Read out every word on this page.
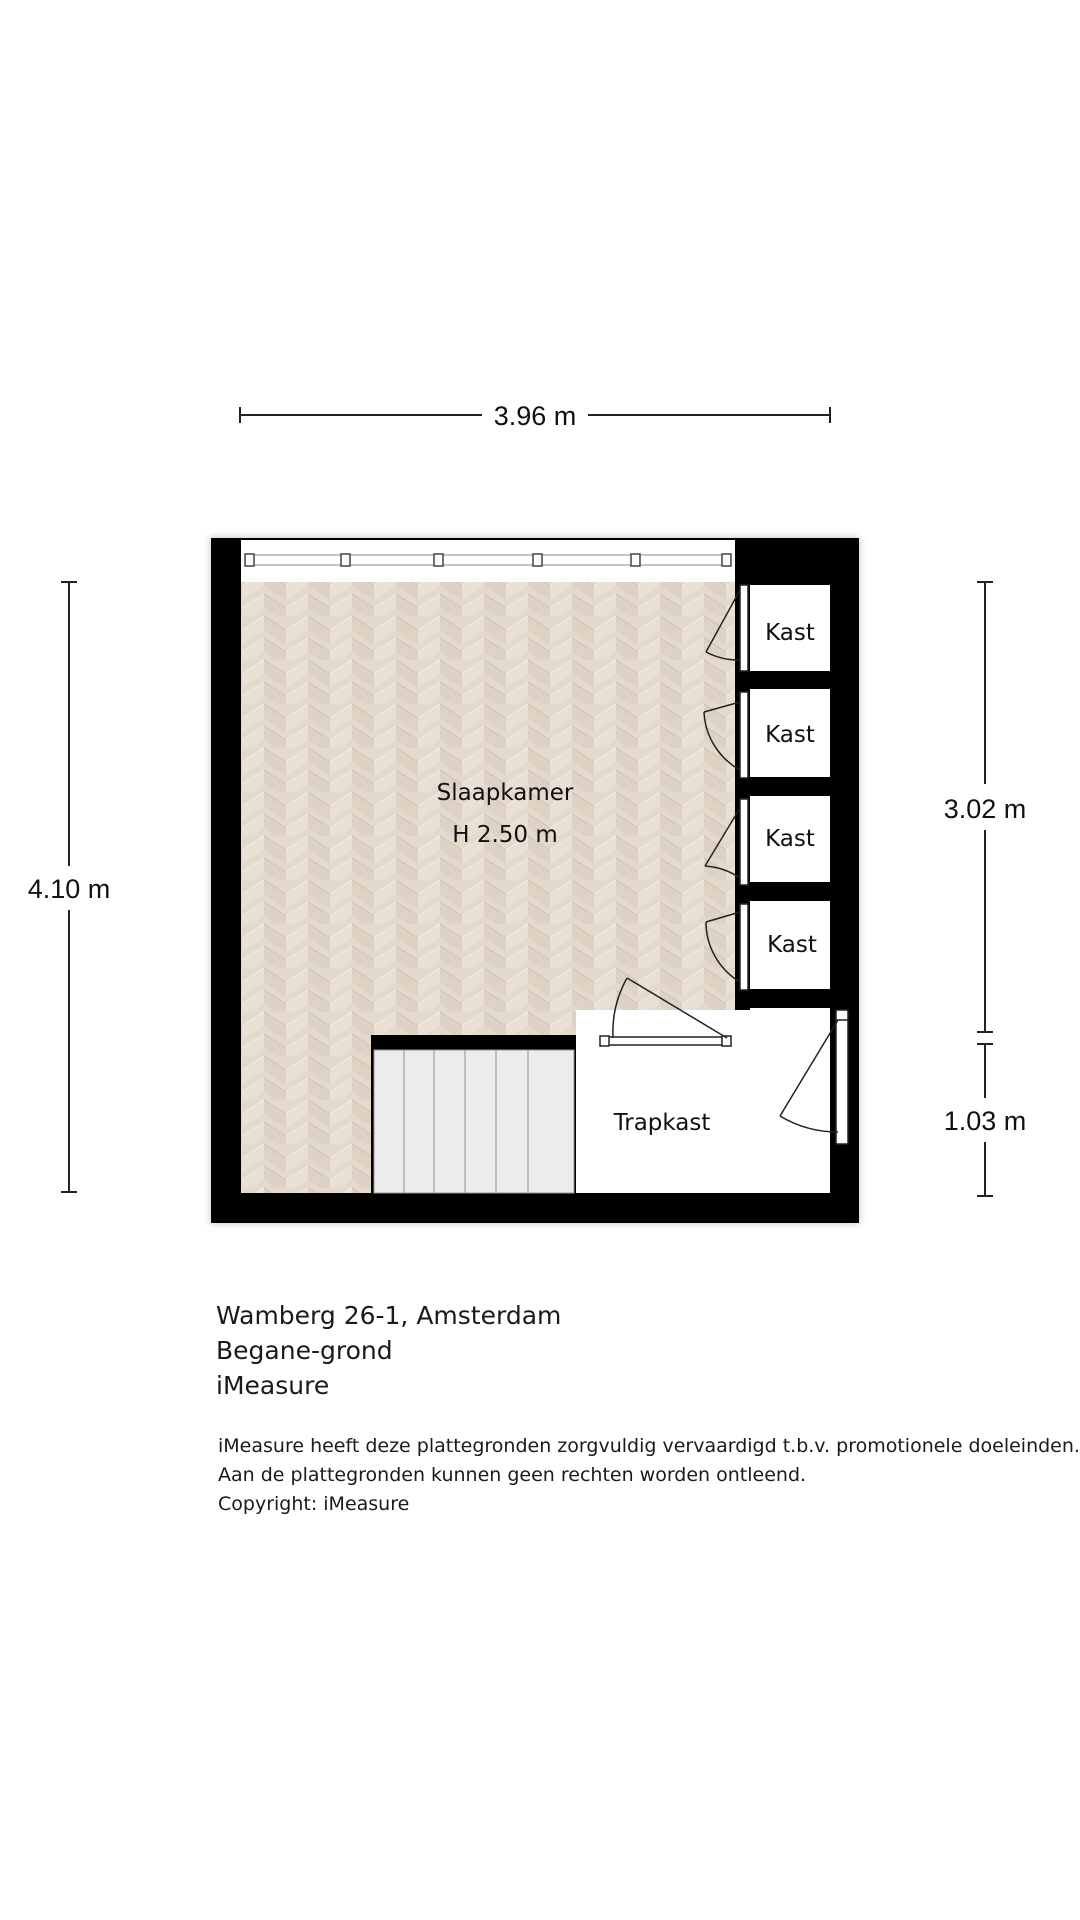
3.96 m
4.10 m
3.02 m
1.03 m
Slaapkamer
H 2.50 m
Kast
Kast
Kast
Kast
Trapkast
Wamberg 26-1, Amsterdam
Begane-grond
iMeasure
iMeasure heeft deze plattegronden zorgvuldig vervaardigd t.b.v. promotionele doeleinden.
Aan de plattegronden kunnen geen rechten worden ontleend.
Copyright: iMeasure
